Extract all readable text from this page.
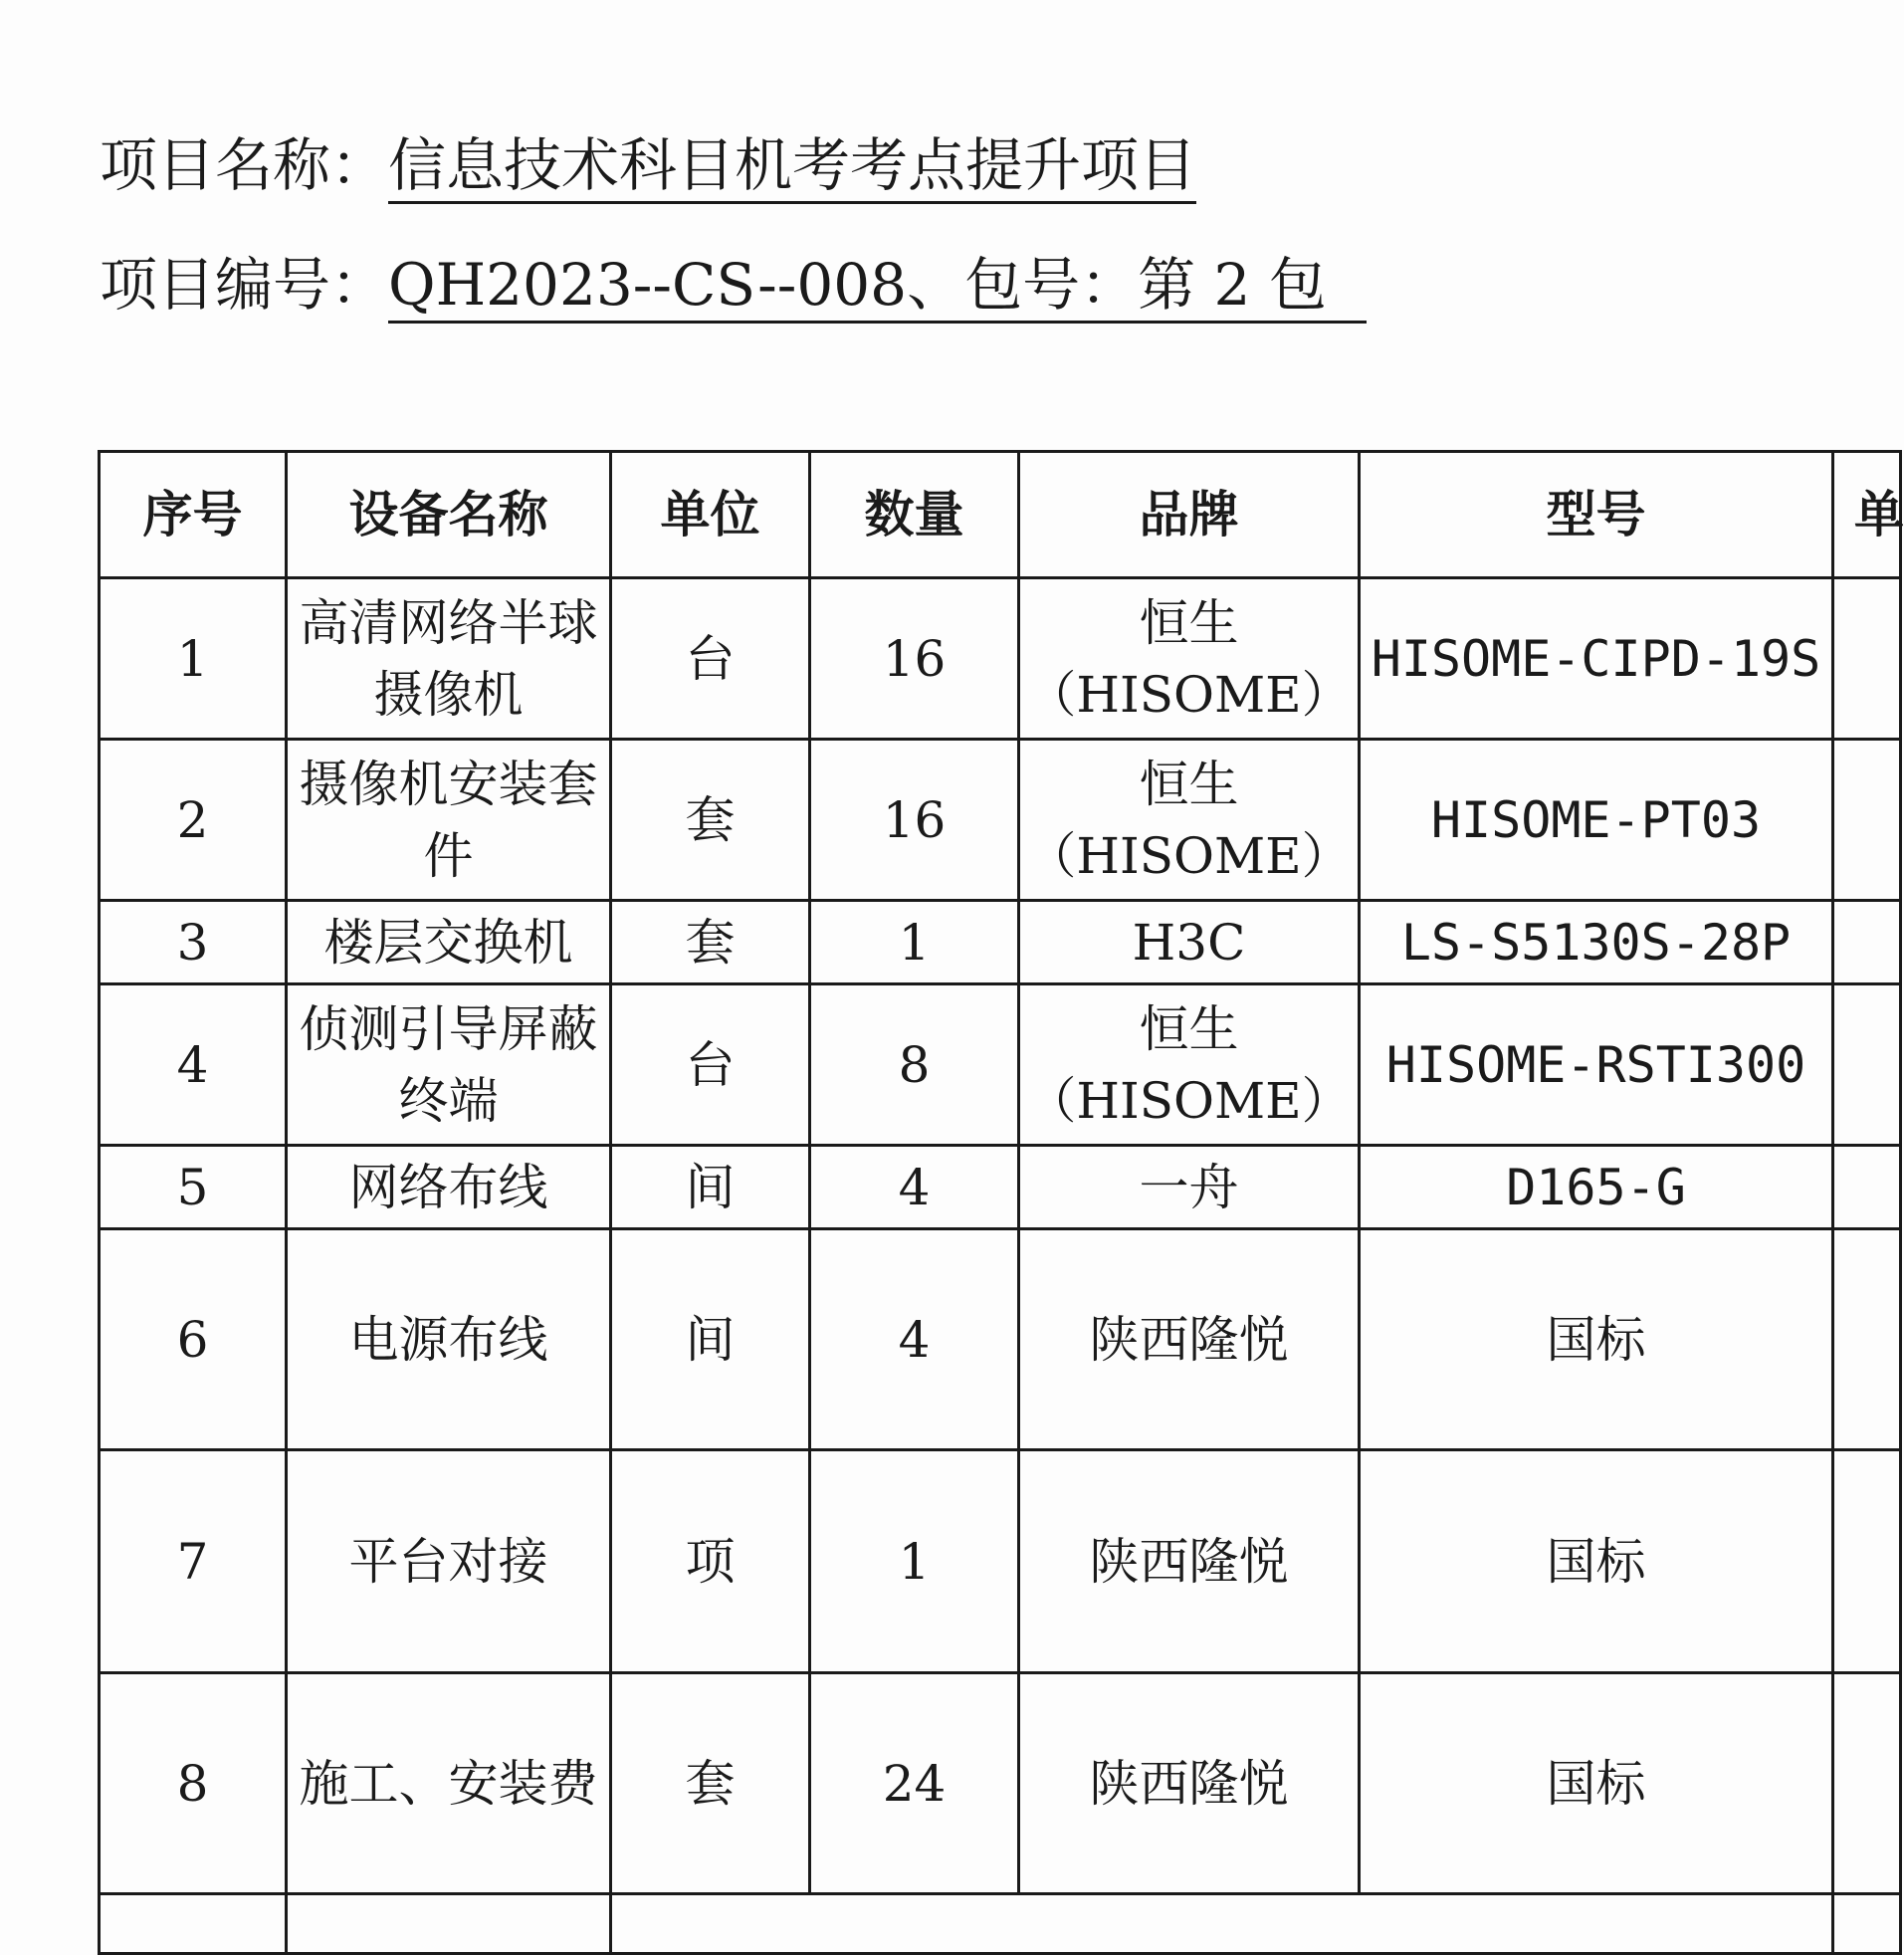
项目名称：信息技术科目机考考点提升项目
项目编号：QH2023--CS--008、包号：第 2 包
序号	设备名称	单位	数量	品牌	型号	单
1	高清网络半球摄像机	台	16	恒生（HISOME）	HISOME-CIPD-19S	
2	摄像机安装套件	套	16	恒生（HISOME）	HISOME-PT03	
3	楼层交换机	套	1	H3C	LS-S5130S-28P	
4	侦测引导屏蔽终端	台	8	恒生（HISOME）	HISOME-RSTI300	
5	网络布线	间	4	一舟	D165-G	
6	电源布线	间	4	陕西隆悦	国标	
7	平台对接	项	1	陕西隆悦	国标	
8	施工、安装费	套	24	陕西隆悦	国标	
